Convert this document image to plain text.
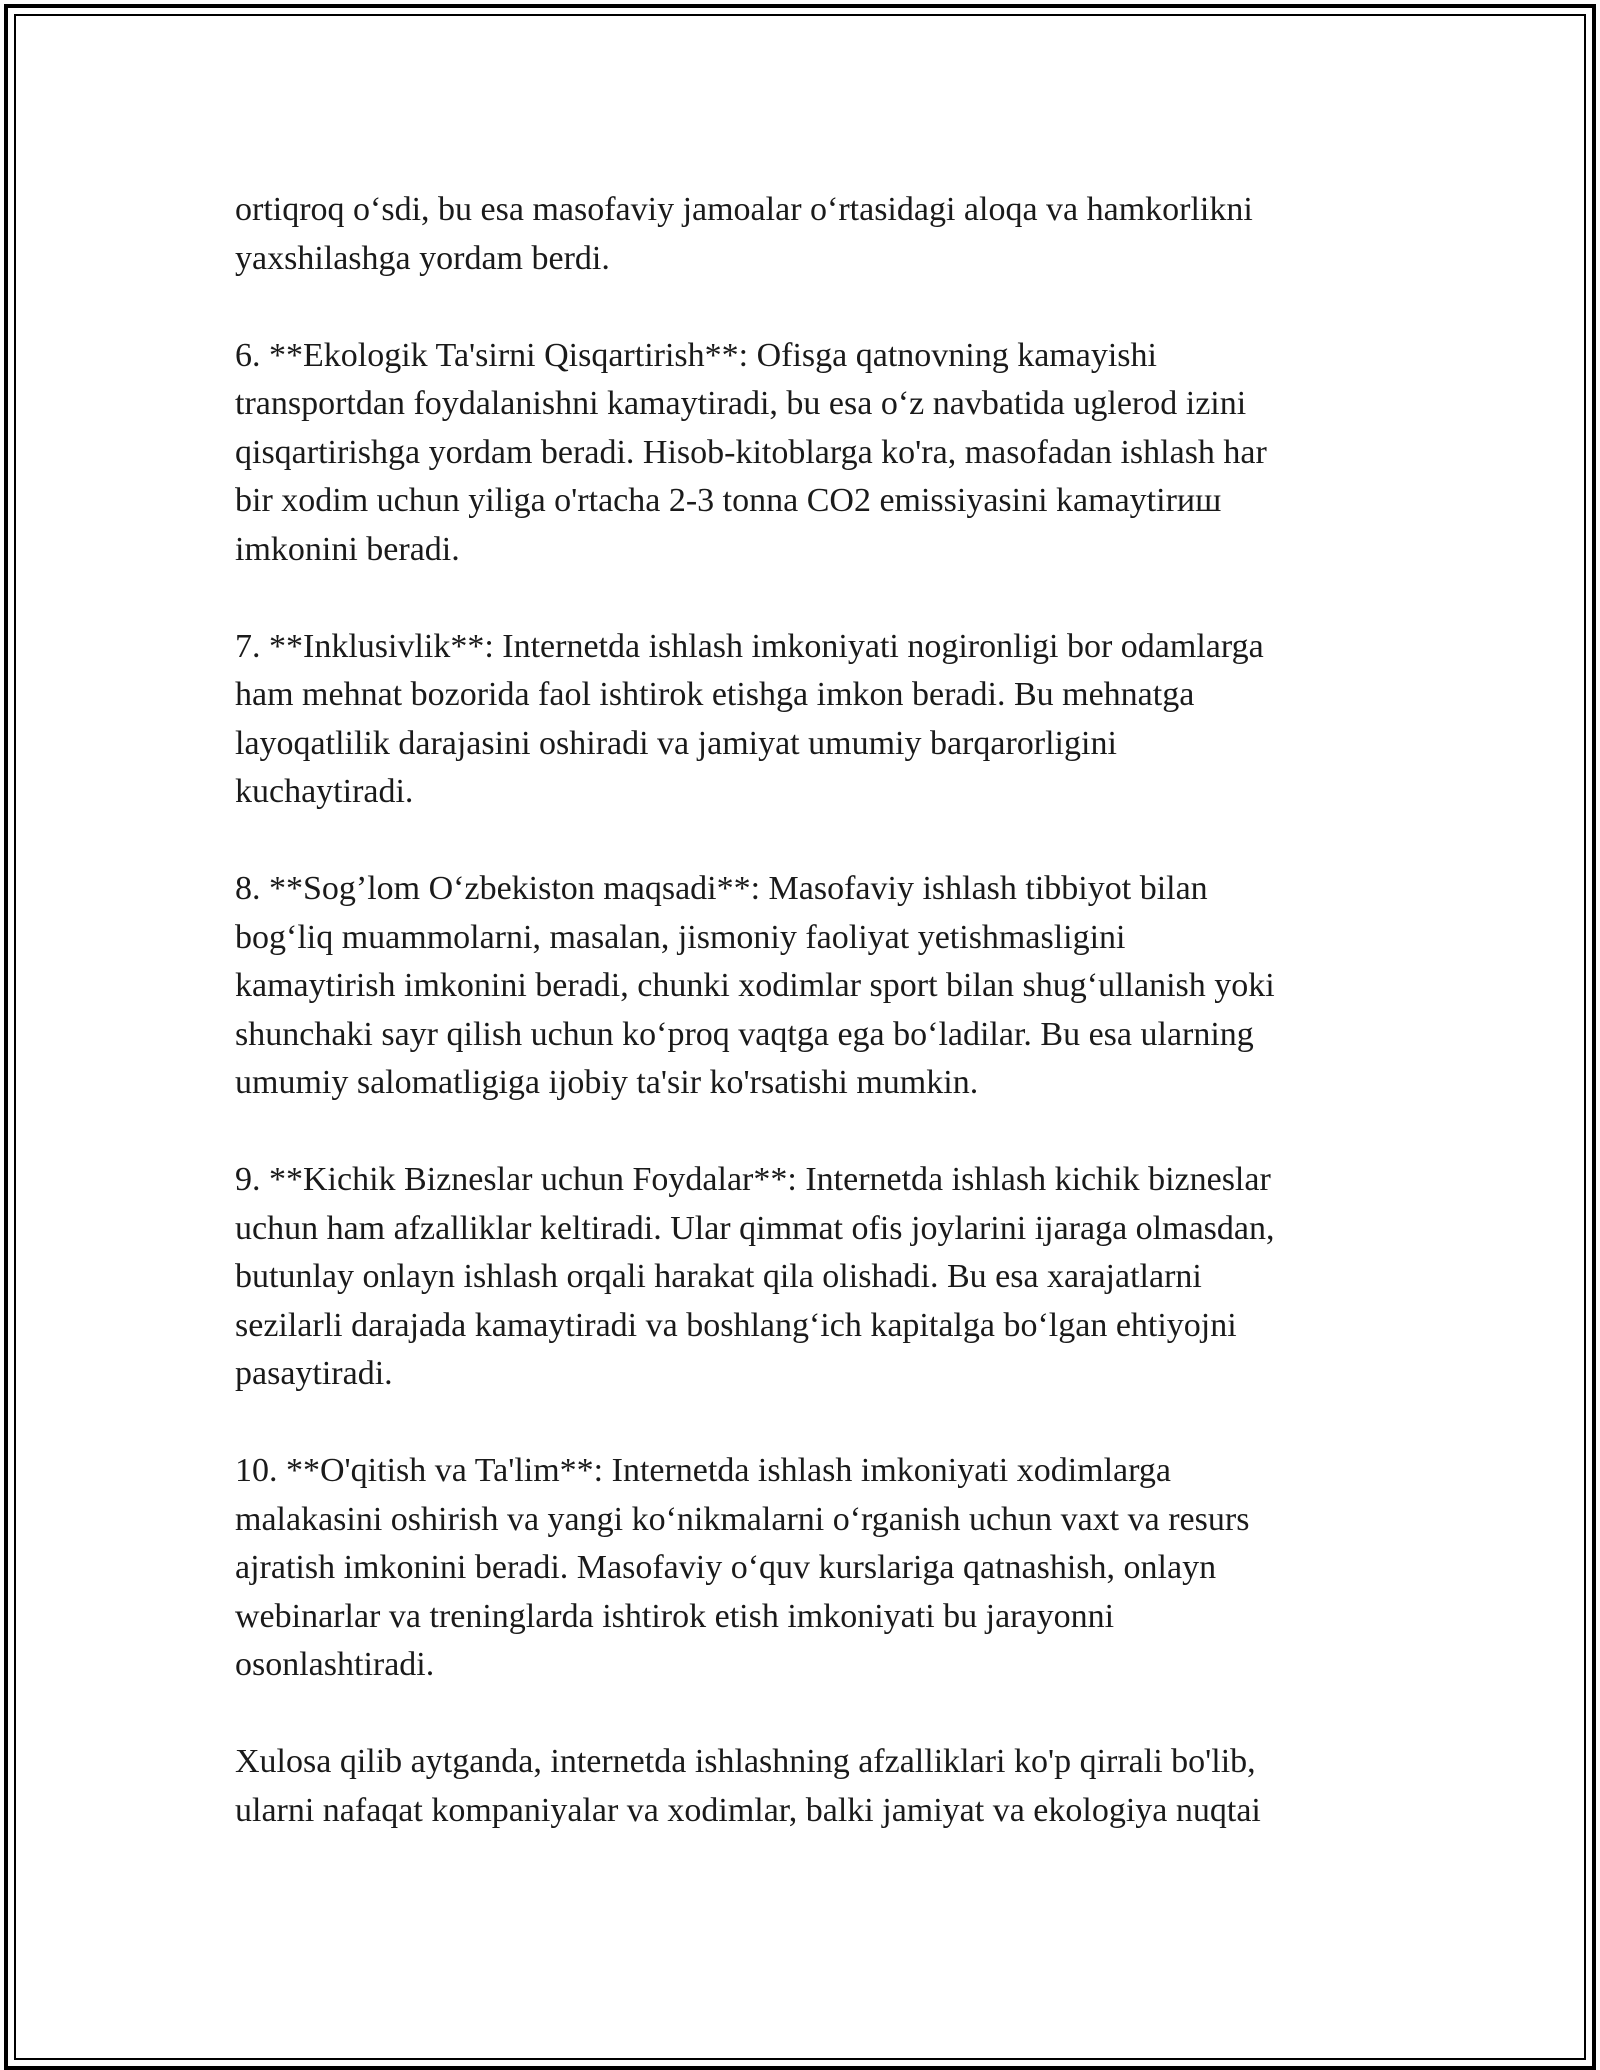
ortiqroq o‘sdi, bu esa masofaviy jamoalar o‘rtasidagi aloqa va hamkorlikni
yaxshilashga yordam berdi.

6. **Ekologik Ta'sirni Qisqartirish**: Ofisga qatnovning kamayishi
transportdan foydalanishni kamaytiradi, bu esa o‘z navbatida uglerod izini
qisqartirishga yordam beradi. Hisob-kitoblarga ko'ra, masofadan ishlash har
bir xodim uchun yiliga o'rtacha 2-3 tonna CO2 emissiyasini kamaytirиш
imkonini beradi.

7. **Inklusivlik**: Internetda ishlash imkoniyati nogironligi bor odamlarga
ham mehnat bozorida faol ishtirok etishga imkon beradi. Bu mehnatga
layoqatlilik darajasini oshiradi va jamiyat umumiy barqarorligini
kuchaytiradi.

8. **Sog’lom O‘zbekiston maqsadi**: Masofaviy ishlash tibbiyot bilan
bog‘liq muammolarni, masalan, jismoniy faoliyat yetishmasligini
kamaytirish imkonini beradi, chunki xodimlar sport bilan shug‘ullanish yoki
shunchaki sayr qilish uchun ko‘proq vaqtga ega bo‘ladilar. Bu esa ularning
umumiy salomatligiga ijobiy ta'sir ko'rsatishi mumkin.

9. **Kichik Bizneslar uchun Foydalar**: Internetda ishlash kichik bizneslar
uchun ham afzalliklar keltiradi. Ular qimmat ofis joylarini ijaraga olmasdan,
butunlay onlayn ishlash orqali harakat qila olishadi. Bu esa xarajatlarni
sezilarli darajada kamaytiradi va boshlang‘ich kapitalga bo‘lgan ehtiyojni
pasaytiradi.

10. **O'qitish va Ta'lim**: Internetda ishlash imkoniyati xodimlarga
malakasini oshirish va yangi ko‘nikmalarni o‘rganish uchun vaxt va resurs
ajratish imkonini beradi. Masofaviy o‘quv kurslariga qatnashish, onlayn
webinarlar va treninglarda ishtirok etish imkoniyati bu jarayonni
osonlashtiradi.

Xulosa qilib aytganda, internetda ishlashning afzalliklari ko'p qirrali bo'lib,
ularni nafaqat kompaniyalar va xodimlar, balki jamiyat va ekologiya nuqtai
